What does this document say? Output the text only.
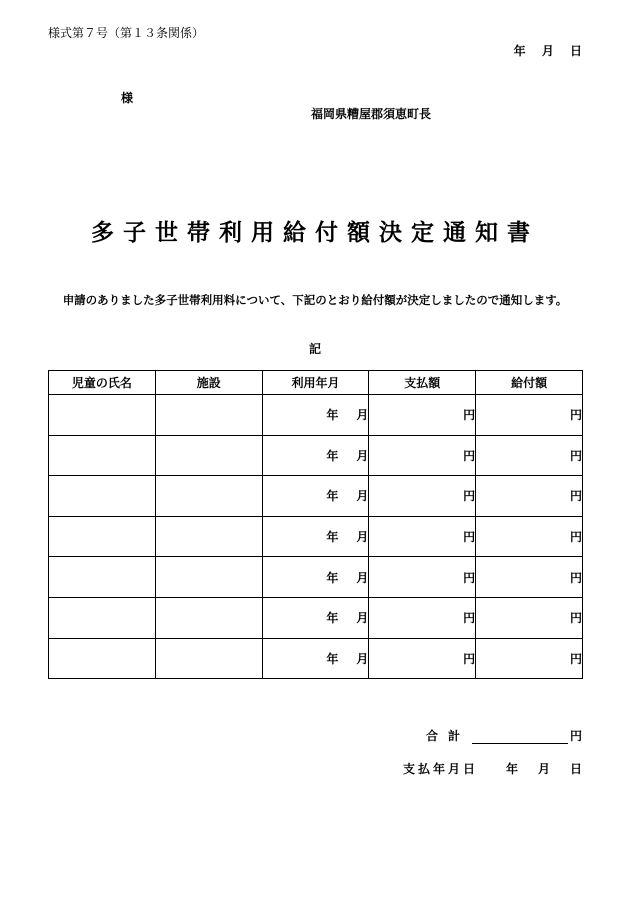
様式第７号（第１３条関係）
年 月 日
様
福岡県糟屋郡須恵町長
多子世帯利用給付額決定通知書
申請のありました多子世帯利用料について、下記のとおり給付額が決定しましたので通知します。
記
児童の氏名	施設	利用年月	支払額	給付額
		年 月	円	円
		年 月	円	円
		年 月	円	円
		年 月	円	円
		年 月	円	円
		年 月	円	円
		年 月	円	円
合計	円
支払年月日 年 月 日
